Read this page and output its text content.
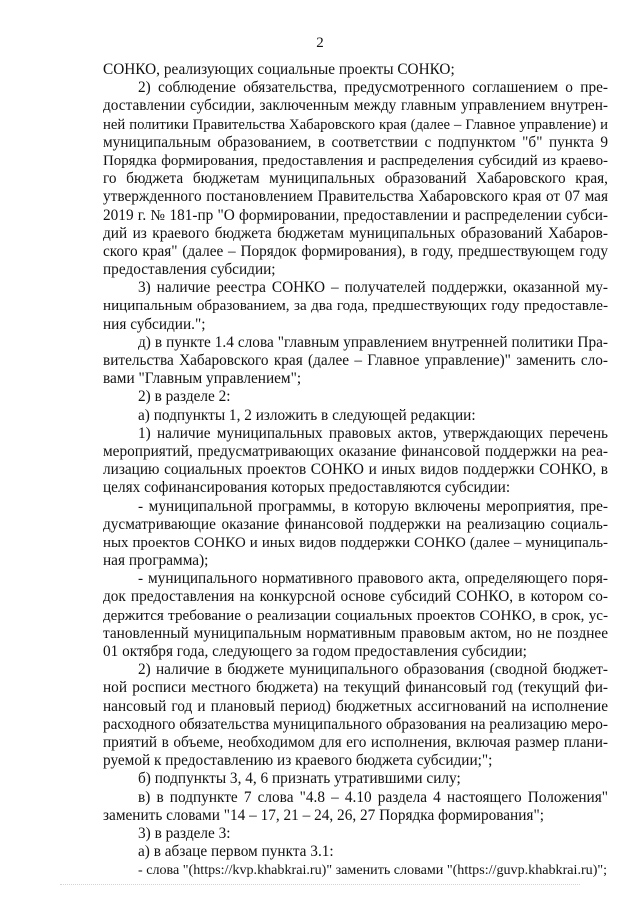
2
СОНКО, реализующих социальные проекты СОНКО;
2) соблюдение обязательства, предусмотренного соглашением о пре-
доставлении субсидии, заключенным между главным управлением внутрен-
ней политики Правительства Хабаровского края (далее – Главное управление) и
муниципальным образованием, в соответствии с подпунктом "б" пункта 9
Порядка формирования, предоставления и распределения субсидий из краево-
го бюджета бюджетам муниципальных образований Хабаровского края,
утвержденного постановлением Правительства Хабаровского края от 07 мая
2019 г. № 181-пр "О формировании, предоставлении и распределении субси-
дий из краевого бюджета бюджетам муниципальных образований Хабаров-
ского края" (далее – Порядок формирования), в году, предшествующем году
предоставления субсидии;
3) наличие реестра СОНКО – получателей поддержки, оказанной му-
ниципальным образованием, за два года, предшествующих году предоставле-
ния субсидии.";
д) в пункте 1.4 слова "главным управлением внутренней политики Пра-
вительства Хабаровского края (далее – Главное управление)" заменить сло-
вами "Главным управлением";
2) в разделе 2:
а) подпункты 1, 2 изложить в следующей редакции:
1) наличие муниципальных правовых актов, утверждающих перечень
мероприятий, предусматривающих оказание финансовой поддержки на реа-
лизацию социальных проектов СОНКО и иных видов поддержки СОНКО, в
целях софинансирования которых предоставляются субсидии:
- муниципальной программы, в которую включены мероприятия, пре-
дусматривающие оказание финансовой поддержки на реализацию социаль-
ных проектов СОНКО и иных видов поддержки СОНКО (далее – муниципаль-
ная программа);
- муниципального нормативного правового акта, определяющего поря-
док предоставления на конкурсной основе субсидий СОНКО, в котором со-
держится требование о реализации социальных проектов СОНКО, в срок, ус-
тановленный муниципальным нормативным правовым актом, но не позднее
01 октября года, следующего за годом предоставления субсидии;
2) наличие в бюджете муниципального образования (сводной бюджет-
ной росписи местного бюджета) на текущий финансовый год (текущий фи-
нансовый год и плановый период) бюджетных ассигнований на исполнение
расходного обязательства муниципального образования на реализацию меро-
приятий в объеме, необходимом для его исполнения, включая размер плани-
руемой к предоставлению из краевого бюджета субсидии;";
б) подпункты 3, 4, 6 признать утратившими силу;
в) в подпункте 7 слова "4.8 – 4.10 раздела 4 настоящего Положения"
заменить словами "14 – 17, 21 – 24, 26, 27 Порядка формирования";
3) в разделе 3:
а) в абзаце первом пункта 3.1:
- слова "(https://kvp.khabkrai.ru)" заменить словами "(https://guvp.khabkrai.ru)";
